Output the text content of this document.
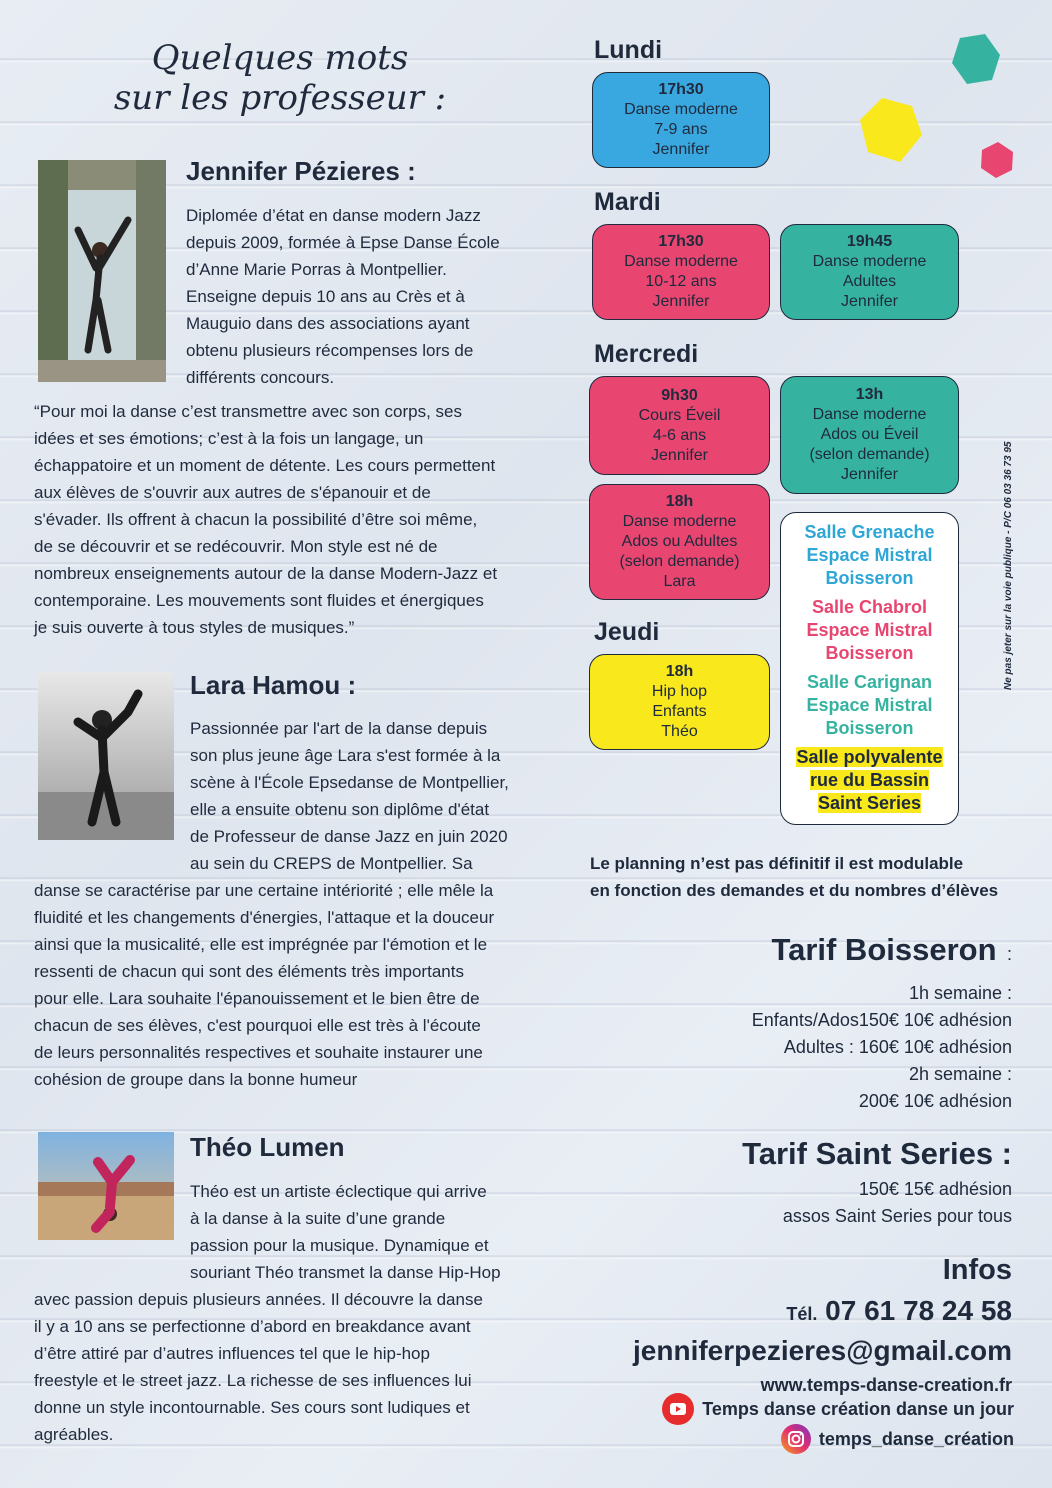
Quelques mots
sur les professeur :
Jennifer Pézieres :
Diplomée d’état en danse modern Jazz
depuis 2009, formée à Epse Danse École
d’Anne Marie Porras à Montpellier.
Enseigne depuis 10 ans au Crès et à
Mauguio dans des associations ayant
obtenu plusieurs récompenses lors de
différents concours.
“Pour moi la danse c’est transmettre avec son corps, ses
idées et ses émotions; c’est à la fois un langage, un
échappatoire et un moment de détente. Les cours permettent
aux élèves de s'ouvrir aux autres de s'épanouir et de
s'évader. Ils offrent à chacun la possibilité d’être soi même,
de se découvrir et se redécouvrir. Mon style est né de
nombreux enseignements autour de la danse Modern-Jazz et
contemporaine. Les mouvements sont fluides et énergiques
je suis ouverte à tous styles de musiques.”
Lara Hamou :
Passionnée par l'art de la danse depuis
son plus jeune âge Lara s'est formée à la
scène à l'École Epsedanse de Montpellier,
elle a ensuite obtenu son diplôme d'état
de Professeur de danse Jazz en juin 2020
au sein du CREPS de Montpellier. Sa
danse se caractérise par une certaine intériorité ; elle mêle la
fluidité et les changements d'énergies, l'attaque et la douceur
ainsi que la musicalité, elle est imprégnée par l'émotion et le
ressenti de chacun qui sont des éléments très importants
pour elle. Lara souhaite l'épanouissement et le bien être de
chacun de ses élèves, c'est pourquoi elle est très à l'écoute
de leurs personnalités respectives et souhaite instaurer une
cohésion de groupe dans la bonne humeur
Théo Lumen
Théo est un artiste éclectique qui arrive
à la danse à la suite d’une grande
passion pour la musique. Dynamique et
souriant Théo transmet la danse Hip-Hop
avec passion depuis plusieurs années. Il découvre la danse
il y a 10 ans se perfectionne d’abord en breakdance avant
d’être attiré par d’autres influences tel que le hip-hop
freestyle et le street jazz. La richesse de ses influences lui
donne un style incontournable. Ses cours sont ludiques et
agréables.
Lundi
17h30
Danse moderne
7-9 ans
Jennifer
Mardi
17h30
Danse moderne
10-12 ans
Jennifer
19h45
Danse moderne
Adultes
Jennifer
Mercredi
9h30
Cours Éveil
4-6 ans
Jennifer
13h
Danse moderne
Ados ou Éveil
(selon demande)
Jennifer
18h
Danse moderne
Ados ou Adultes
(selon demande)
Lara
Jeudi
18h
Hip hop
Enfants
Théo
Salle Grenache
Espace Mistral
Boisseron
Salle Chabrol
Espace Mistral
Boisseron
Salle Carignan
Espace Mistral
Boisseron
Salle polyvalente
rue du Bassin
Saint Series
Ne pas jeter sur la voie publique - P/C 06 03 36 73 95
Le planning n’est pas définitif il est modulable
en fonction des demandes et du nombres d’élèves
Tarif Boisseron :
1h semaine :
Enfants/Ados150€ 10€ adhésion
Adultes : 160€ 10€ adhésion
2h semaine :
200€ 10€ adhésion
Tarif Saint Series :
150€ 15€ adhésion
assos Saint Series pour tous
Infos
Tél. 07 61 78 24 58
jenniferpezieres@gmail.com
www.temps-danse-creation.fr
Temps danse création danse un jour
temps_danse_création
